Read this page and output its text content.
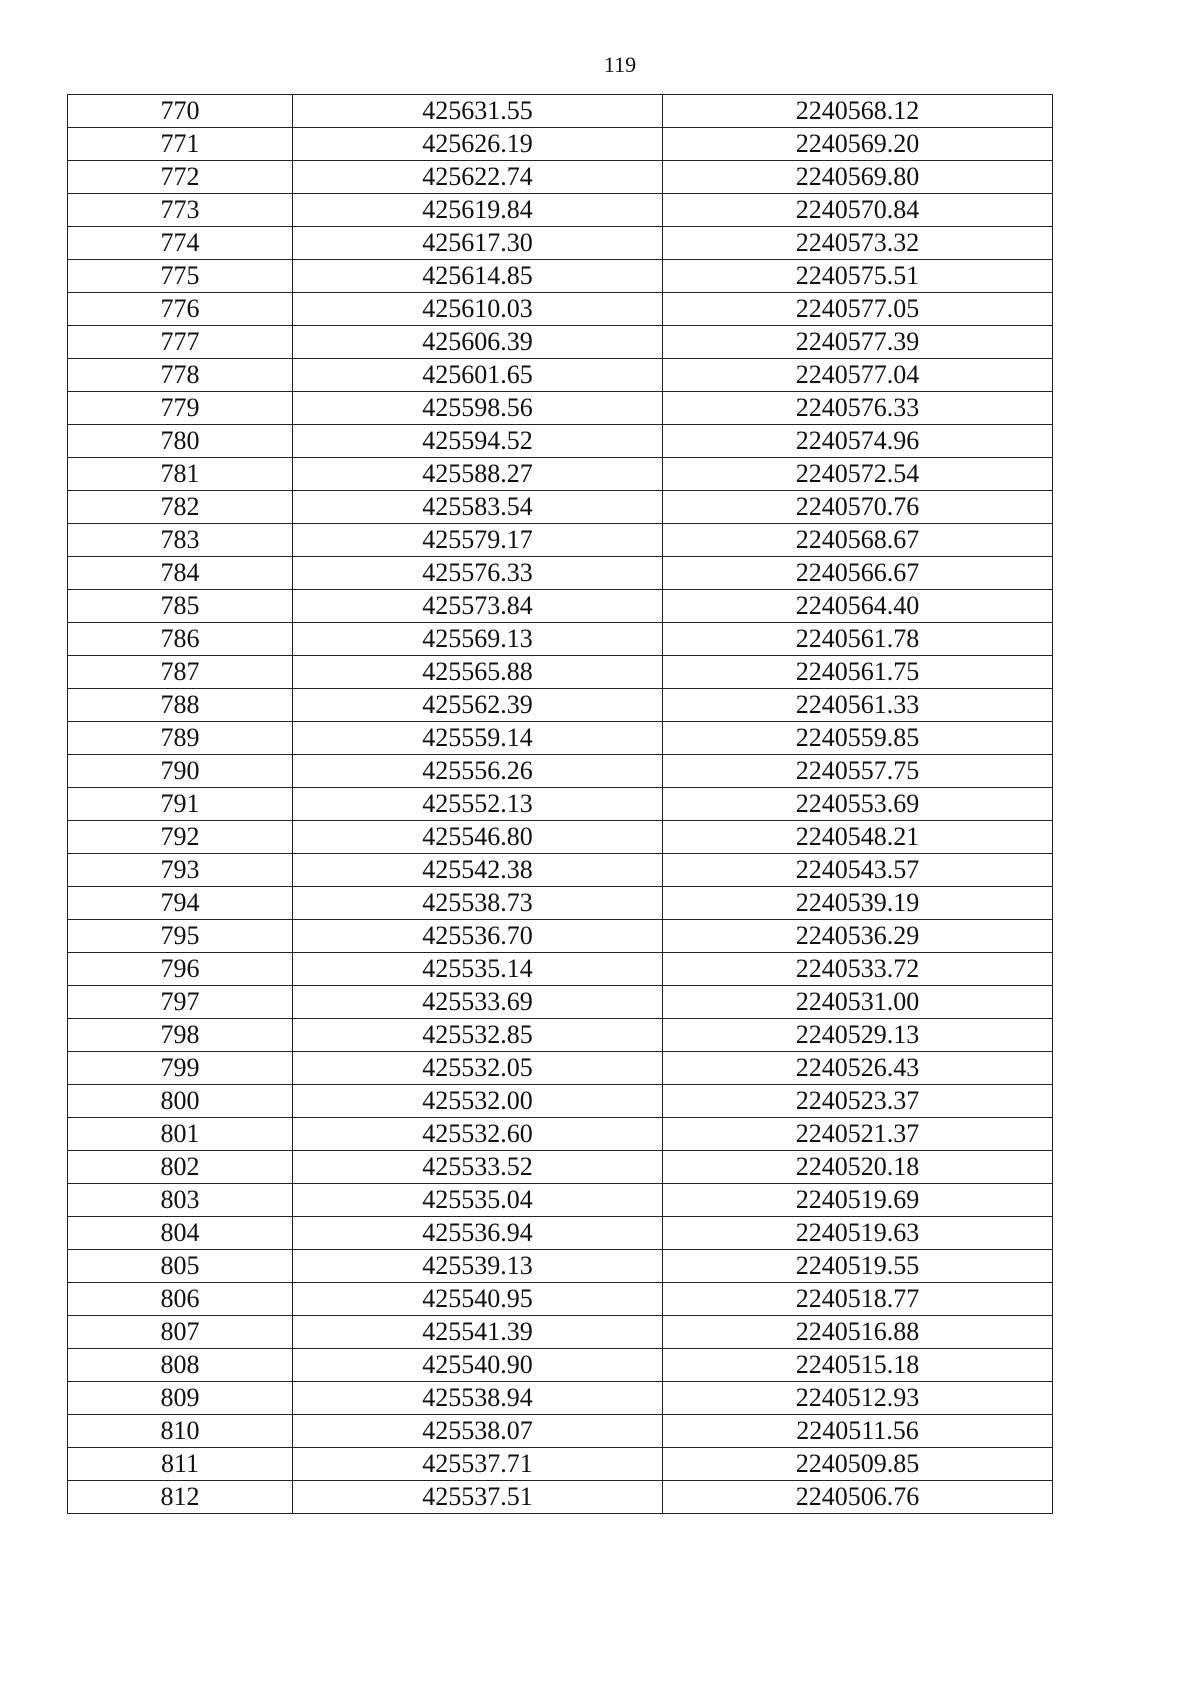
119
770	425631.55	2240568.12
771	425626.19	2240569.20
772	425622.74	2240569.80
773	425619.84	2240570.84
774	425617.30	2240573.32
775	425614.85	2240575.51
776	425610.03	2240577.05
777	425606.39	2240577.39
778	425601.65	2240577.04
779	425598.56	2240576.33
780	425594.52	2240574.96
781	425588.27	2240572.54
782	425583.54	2240570.76
783	425579.17	2240568.67
784	425576.33	2240566.67
785	425573.84	2240564.40
786	425569.13	2240561.78
787	425565.88	2240561.75
788	425562.39	2240561.33
789	425559.14	2240559.85
790	425556.26	2240557.75
791	425552.13	2240553.69
792	425546.80	2240548.21
793	425542.38	2240543.57
794	425538.73	2240539.19
795	425536.70	2240536.29
796	425535.14	2240533.72
797	425533.69	2240531.00
798	425532.85	2240529.13
799	425532.05	2240526.43
800	425532.00	2240523.37
801	425532.60	2240521.37
802	425533.52	2240520.18
803	425535.04	2240519.69
804	425536.94	2240519.63
805	425539.13	2240519.55
806	425540.95	2240518.77
807	425541.39	2240516.88
808	425540.90	2240515.18
809	425538.94	2240512.93
810	425538.07	2240511.56
811	425537.71	2240509.85
812	425537.51	2240506.76
